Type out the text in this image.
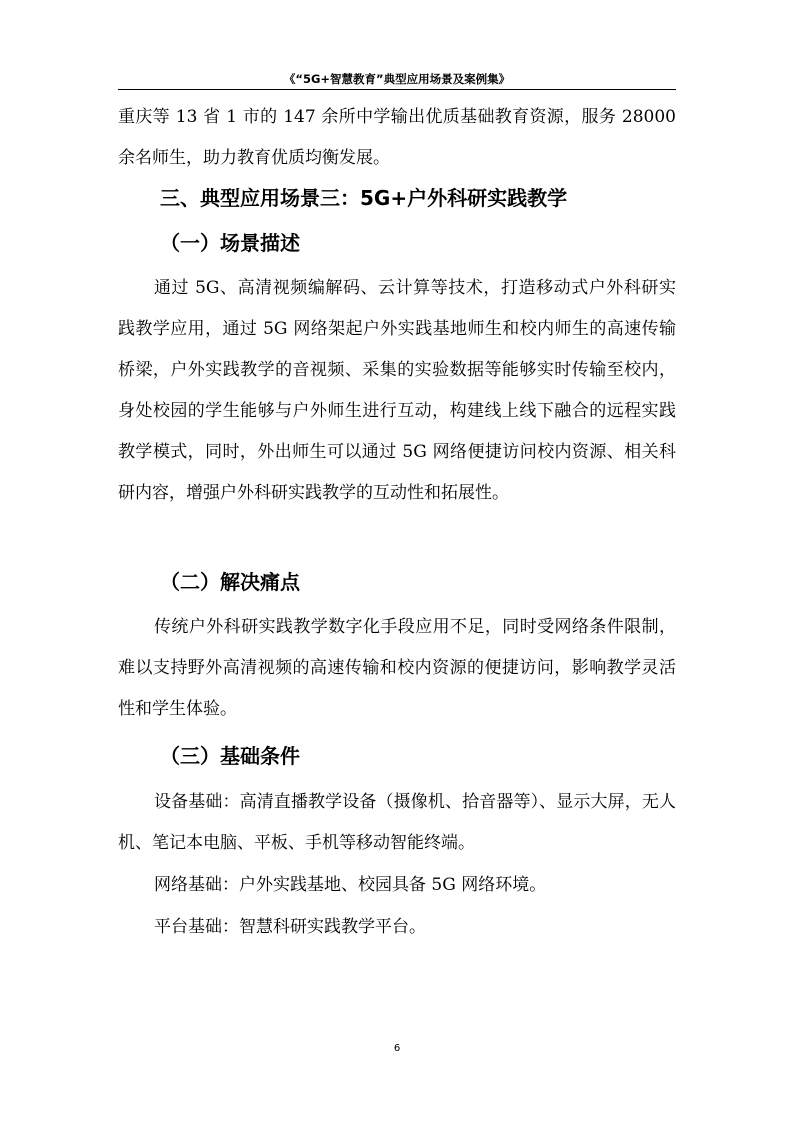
《“5G+智慧教育”典型应用场景及案例集》

重庆等 13 省 1 市的 147 余所中学输出优质基础教育资源，服务 28000 余名师生，助力教育优质均衡发展。

三、典型应用场景三：5G+户外科研实践教学
（一）场景描述

通过 5G、高清视频编解码、云计算等技术，打造移动式户外科研实践教学应用，通过 5G 网络架起户外实践基地师生和校内师生的高速传输桥梁，户外实践教学的音视频、采集的实验数据等能够实时传输至校内，身处校园的学生能够与户外师生进行互动，构建线上线下融合的远程实践教学模式，同时，外出师生可以通过 5G 网络便捷访问校内资源、相关科研内容，增强户外科研实践教学的互动性和拓展性。

（二）解决痛点

传统户外科研实践教学数字化手段应用不足，同时受网络条件限制，难以支持野外高清视频的高速传输和校内资源的便捷访问，影响教学灵活性和学生体验。

（三）基础条件

设备基础：高清直播教学设备（摄像机、拾音器等）、显示大屏，无人机、笔记本电脑、平板、手机等移动智能终端。

网络基础：户外实践基地、校园具备 5G 网络环境。

平台基础：智慧科研实践教学平台。

6
